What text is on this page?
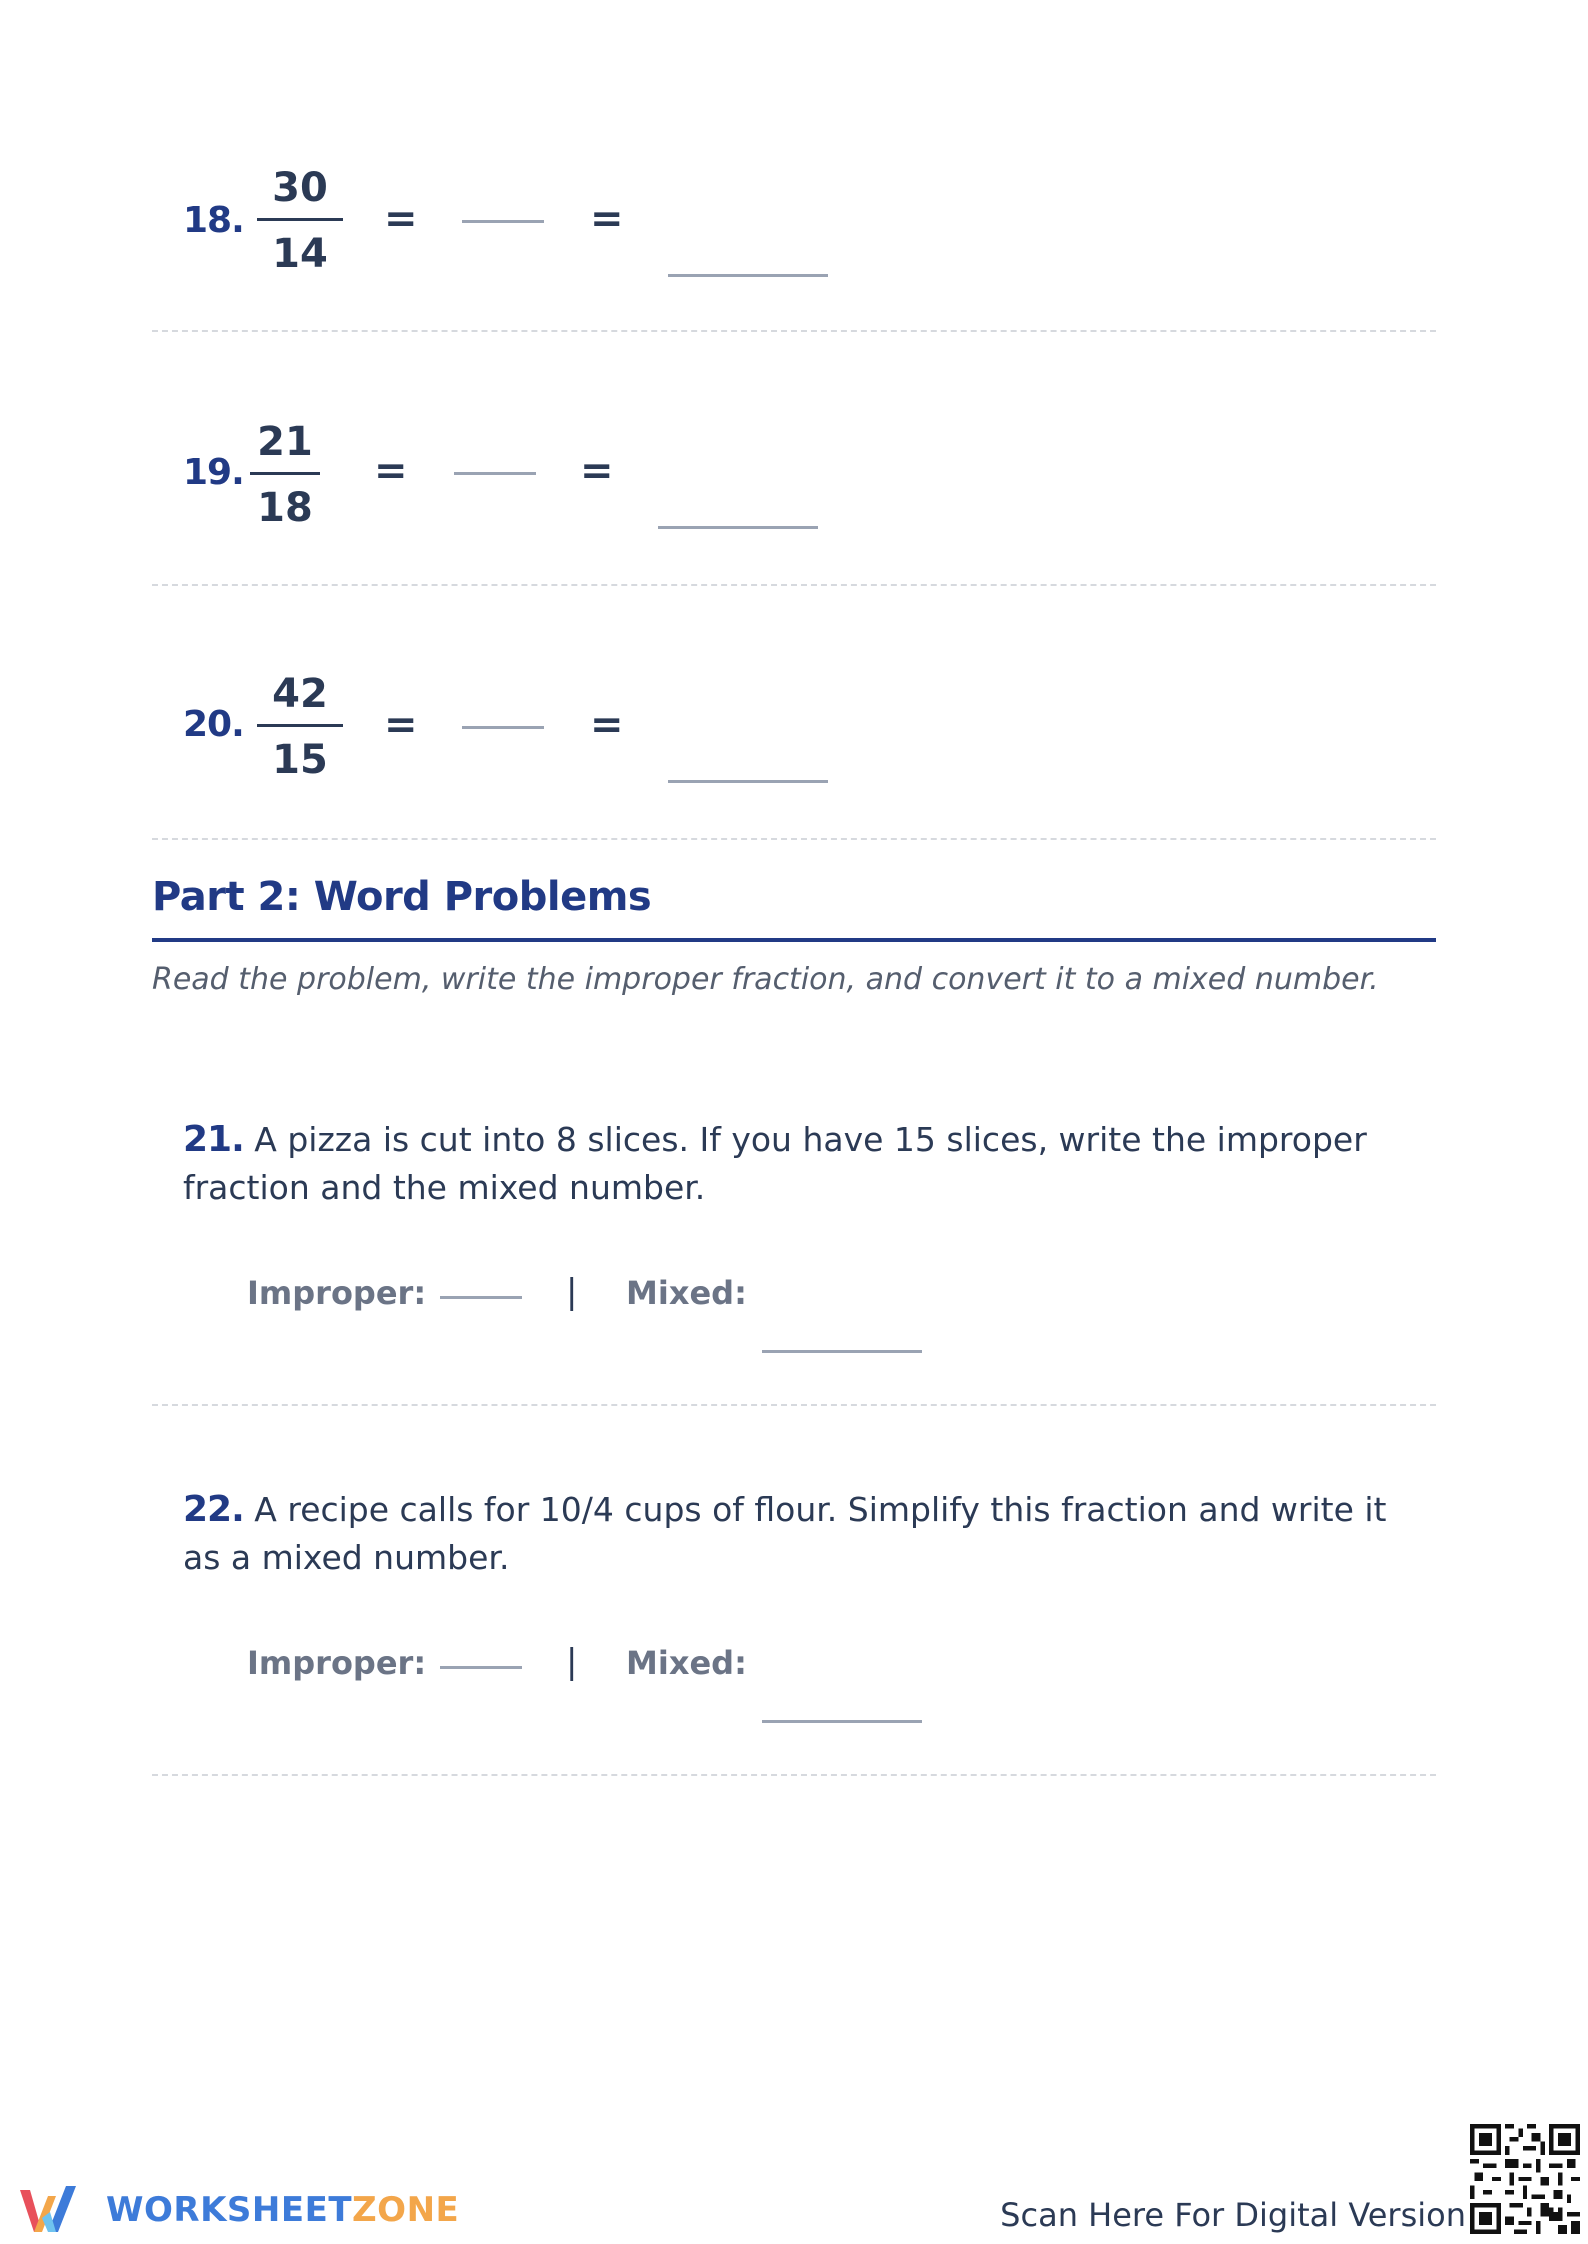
18.
30
14
=	=
19.
21
18
=	=
20.
42
15
=	=
Part 2: Word Problems
Read the problem, write the improper fraction, and convert it to a mixed number.
21. A pizza is cut into 8 slices. If you have 15 slices, write the improper fraction and the mixed number.
Improper:	| Mixed:
22. A recipe calls for 10/4 cups of flour. Simplify this fraction and write it as a mixed number.
Improper:	| Mixed:
WORKSHEETZONE	Scan Here For Digital Version
